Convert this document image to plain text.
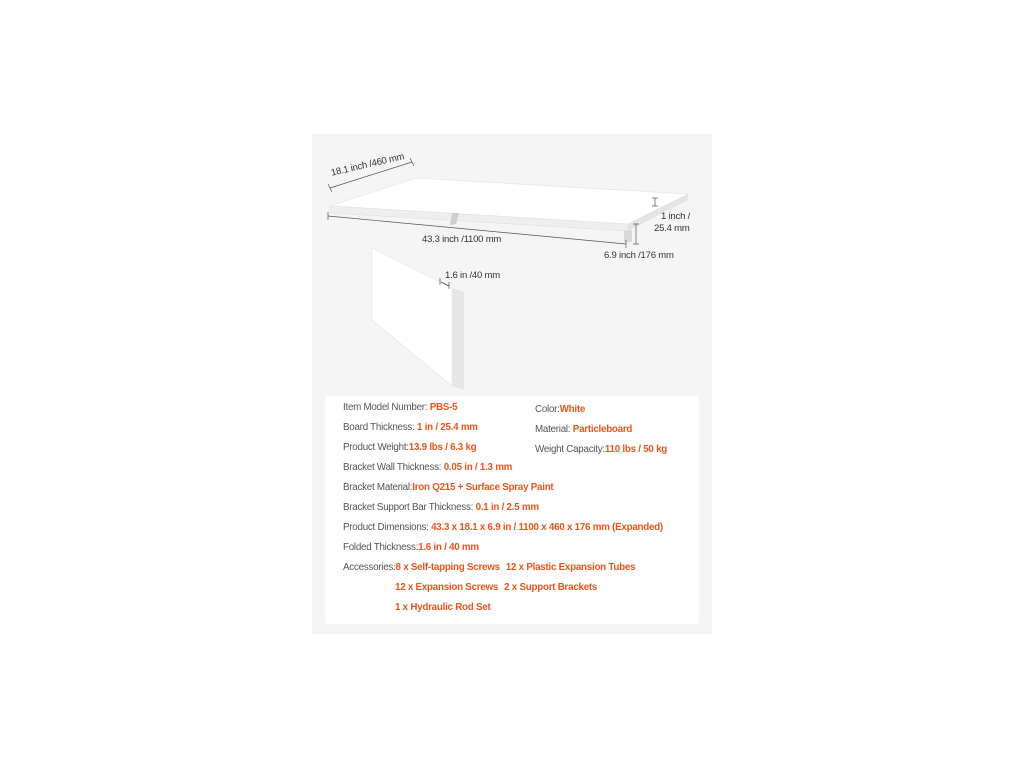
18.1 inch /460 mm
43.3 inch /1100 mm
1 inch /
25.4 mm
6.9 inch /176 mm
1.6 in /40 mm
Item Model Number: PBS-5	Color:White
Board Thickness: 1 in / 25.4 mm	Material: Particleboard
Product Weight:13.9 lbs / 6.3 kg	Weight Capacity:110 lbs / 50 kg
Bracket Wall Thickness: 0.05 in / 1.3 mm
Bracket Material:Iron Q215 + Surface Spray Paint
Bracket Support Bar Thickness: 0.1 in / 2.5 mm
Product Dimensions: 43.3 x 18.1 x 6.9 in / 1100 x 460 x 176 mm (Expanded)
Folded Thickness:1.6 in / 40 mm
Accessories:8 x Self-tapping Screws 12 x Plastic Expansion Tubes
12 x Expansion Screws 2 x Support Brackets
1 x Hydraulic Rod Set
